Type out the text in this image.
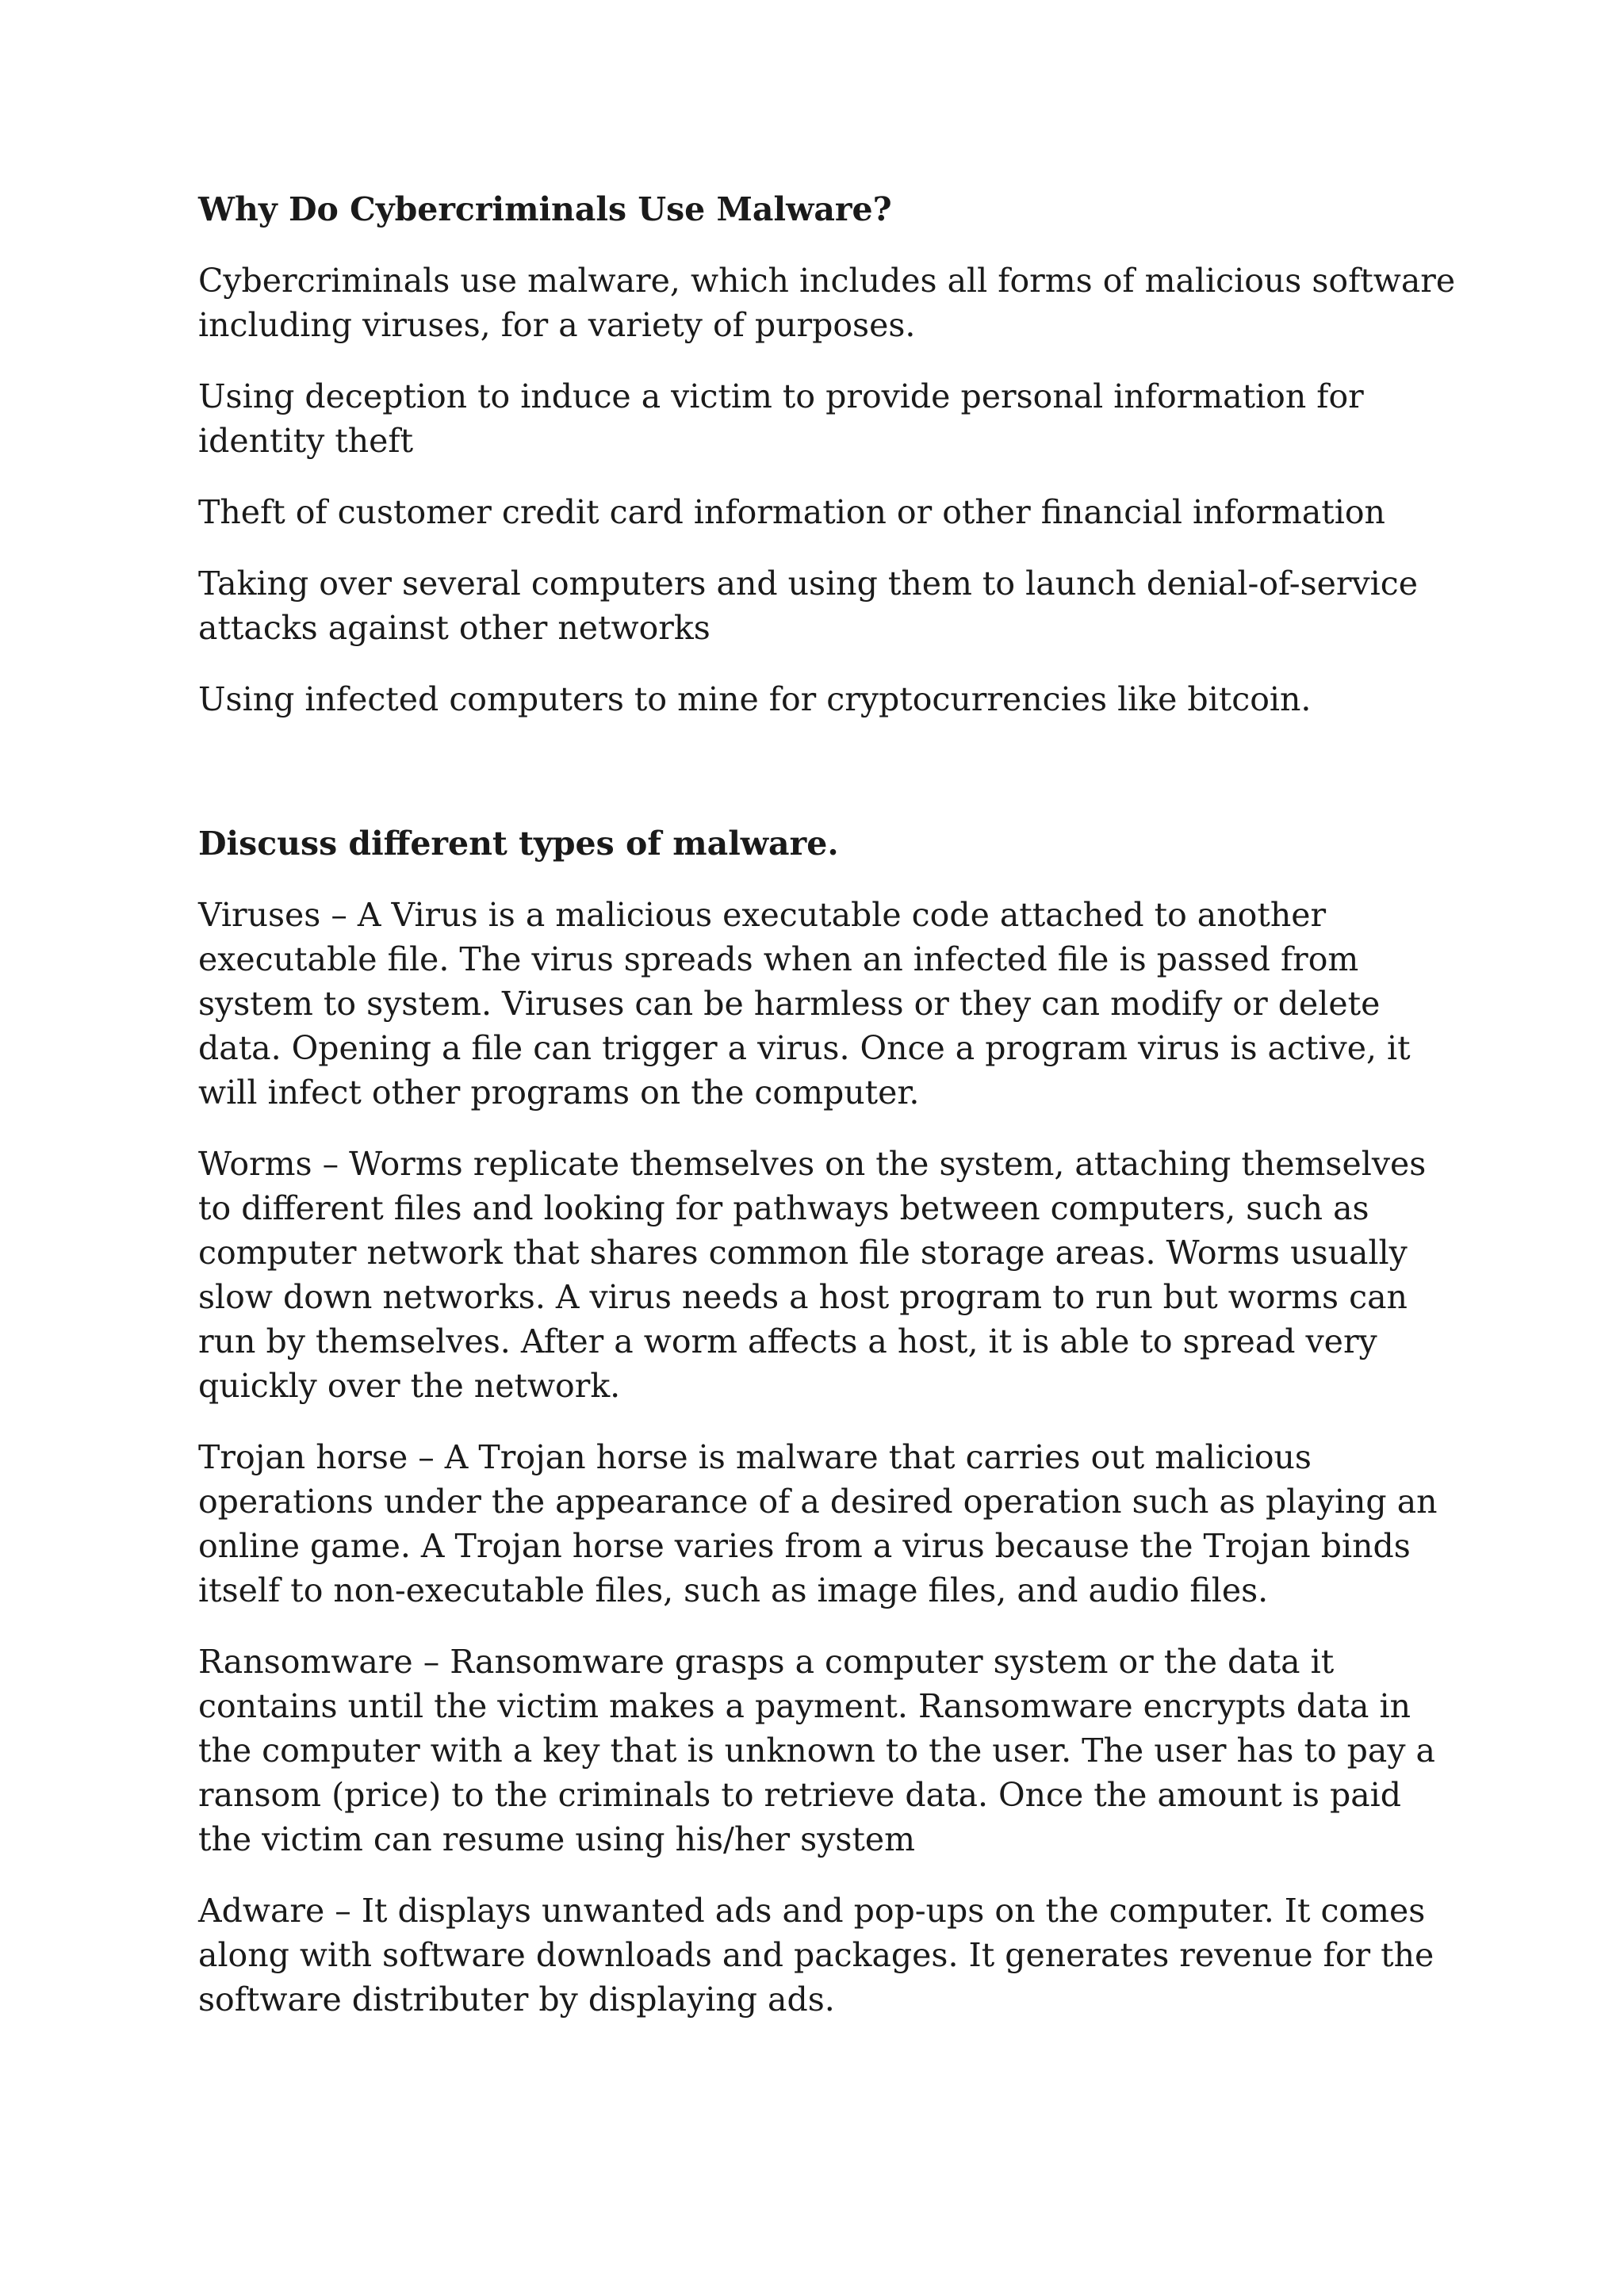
Why Do Cybercriminals Use Malware?

Cybercriminals use malware, which includes all forms of malicious software including viruses, for a variety of purposes.

Using deception to induce a victim to provide personal information for identity theft

Theft of customer credit card information or other financial information

Taking over several computers and using them to launch denial-of-service attacks against other networks

Using infected computers to mine for cryptocurrencies like bitcoin.

Discuss different types of malware.

Viruses – A Virus is a malicious executable code attached to another executable file. The virus spreads when an infected file is passed from system to system. Viruses can be harmless or they can modify or delete data. Opening a file can trigger a virus. Once a program virus is active, it will infect other programs on the computer.

Worms – Worms replicate themselves on the system, attaching themselves to different files and looking for pathways between computers, such as computer network that shares common file storage areas. Worms usually slow down networks. A virus needs a host program to run but worms can run by themselves. After a worm affects a host, it is able to spread very quickly over the network.

Trojan horse – A Trojan horse is malware that carries out malicious operations under the appearance of a desired operation such as playing an online game. A Trojan horse varies from a virus because the Trojan binds itself to non-executable files, such as image files, and audio files.

Ransomware – Ransomware grasps a computer system or the data it contains until the victim makes a payment. Ransomware encrypts data in the computer with a key that is unknown to the user. The user has to pay a ransom (price) to the criminals to retrieve data. Once the amount is paid the victim can resume using his/her system

Adware – It displays unwanted ads and pop-ups on the computer. It comes along with software downloads and packages. It generates revenue for the software distributer by displaying ads.
